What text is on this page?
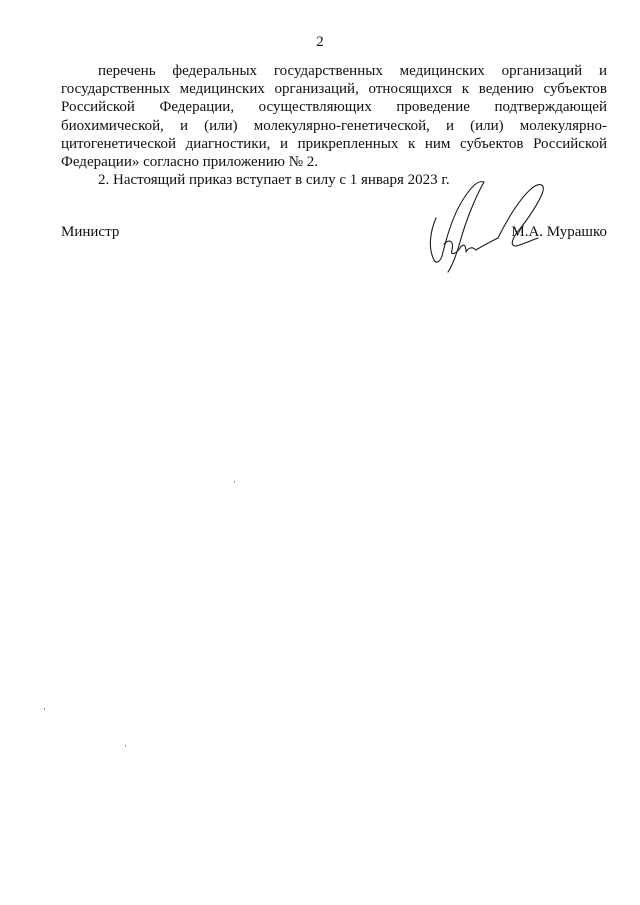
2

перечень федеральных государственных медицинских организаций и государственных медицинских организаций, относящихся к ведению субъектов Российской Федерации, осуществляющих проведение подтверждающей биохимической, и (или) молекулярно-генетической, и (или) молекулярно-цитогенетической диагностики, и прикрепленных к ним субъектов Российской Федерации» согласно приложению № 2.

2. Настоящий приказ вступает в силу с 1 января 2023 г.

Министр	М.А. Мурашко
